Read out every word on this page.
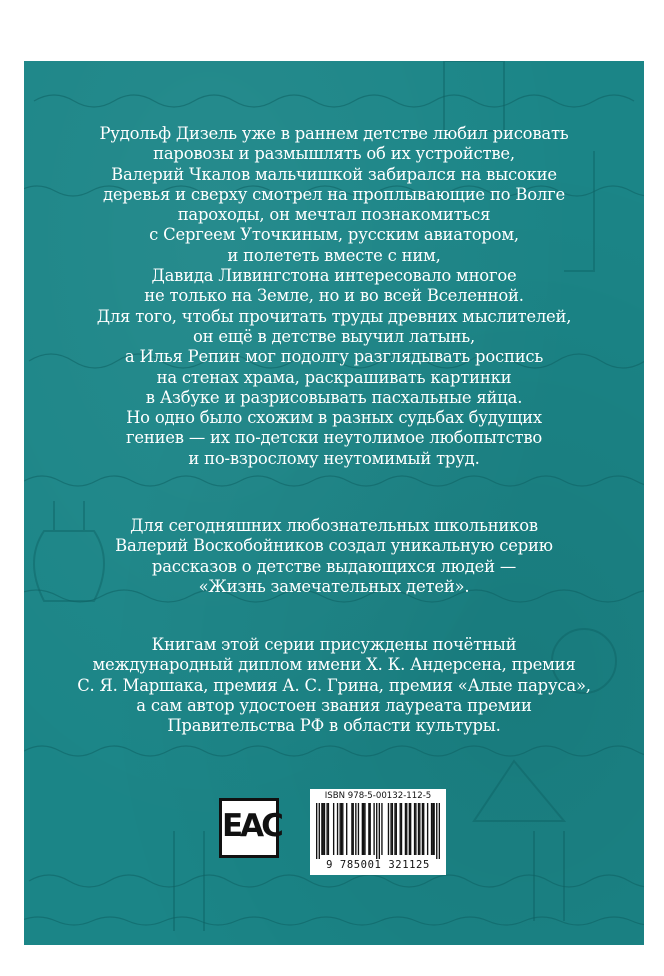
Рудольф Дизель уже в раннем детстве любил рисовать

паровозы и размышлять об их устройстве,

Валерий Чкалов мальчишкой забирался на высокие

деревья и сверху смотрел на проплывающие по Волге

пароходы, он мечтал познакомиться

с Сергеем Уточкиным, русским авиатором,

и полететь вместе с ним,

Давида Ливингстона интересовало многое

не только на Земле, но и во всей Вселенной.

Для того, чтобы прочитать труды древних мыслителей,

он ещё в детстве выучил латынь,

а Илья Репин мог подолгу разглядывать роспись

на стенах храма, раскрашивать картинки

в Азбуке и разрисовывать пасхальные яйца.

Но одно было схожим в разных судьбах будущих

гениев — их по-детски неутолимое любопытство

и по-взрослому неутомимый труд.

Для сегодняшних любознательных школьников

Валерий Воскобойников создал уникальную серию

рассказов о детстве выдающихся людей —

«Жизнь замечательных детей».

Книгам этой серии присуждены почётный

международный диплом имени Х. К. Андерсена, премия

С. Я. Маршака, премия А. С. Грина, премия «Алые паруса»,

а сам автор удостоен звания лауреата премии

Правительства РФ в области культуры.

EAC
ISBN 978-5-00132-112-5
9 785001 321125
